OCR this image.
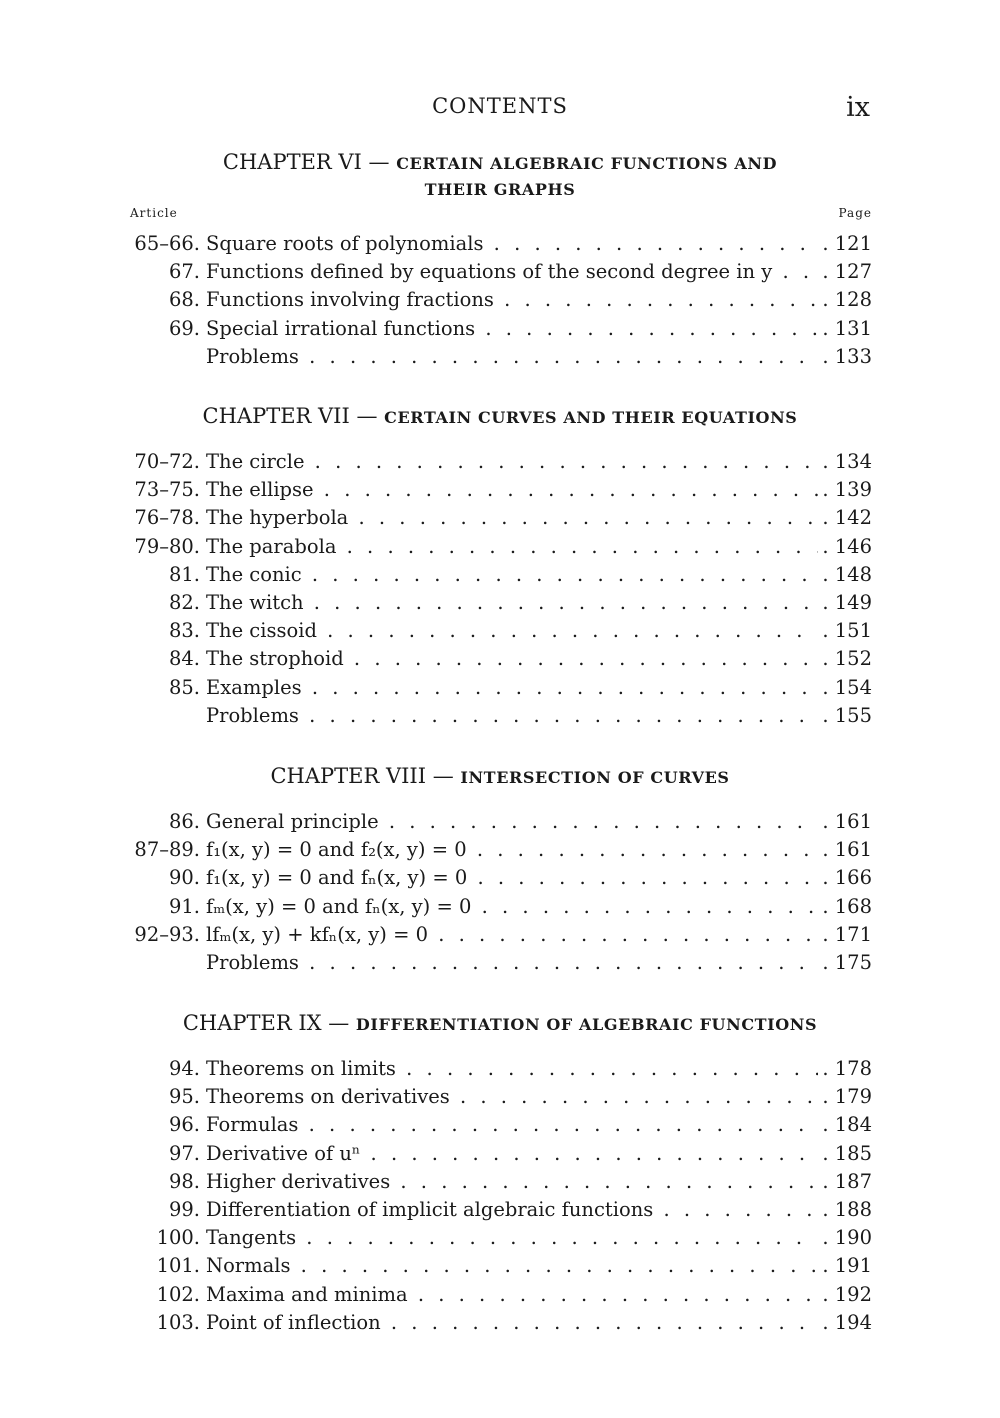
CONTENTS	ix
CHAPTER VI — CERTAIN ALGEBRAIC FUNCTIONS AND
THEIR GRAPHS
Article	Page
65–66. Square roots of polynomials . . .	. 121
67. Functions defined by equations of the second degree in y . . .	. 127
68. Functions involving fractions . . .	. 128
69. Special irrational functions . . .	. 131
Problems . . .	. 133
CHAPTER VII — CERTAIN CURVES AND THEIR EQUATIONS
70–72. The circle . . .	. 134
73–75. The ellipse . . .	. 139
76–78. The hyperbola . . .	. 142
79–80. The parabola . . .	. 146
81. The conic . . .	. 148
82. The witch . . .	. 149
83. The cissoid . . .	. 151
84. The strophoid . . .	. 152
85. Examples . . .	. 154
Problems . . .	. 155
CHAPTER VIII — INTERSECTION OF CURVES
86. General principle . . .	. 161
87–89. f₁(x, y) = 0 and f₂(x, y) = 0 . . .	. 161
90. f₁(x, y) = 0 and fₙ(x, y) = 0 . . .	. 166
91. fₘ(x, y) = 0 and fₙ(x, y) = 0 . . .	. 168
92–93. lfₘ(x, y) + kfₙ(x, y) = 0 . . .	. 171
Problems . . .	. 175
CHAPTER IX — DIFFERENTIATION OF ALGEBRAIC FUNCTIONS
94. Theorems on limits . . .	. 178
95. Theorems on derivatives . . .	. 179
96. Formulas . . .	. 184
97. Derivative of uⁿ . . .	. 185
98. Higher derivatives . . .	. 187
99. Differentiation of implicit algebraic functions . . .	. 188
100. Tangents . . .	. 190
101. Normals . . .	. 191
102. Maxima and minima . . .	. 192
103. Point of inflection . . .	. 194
